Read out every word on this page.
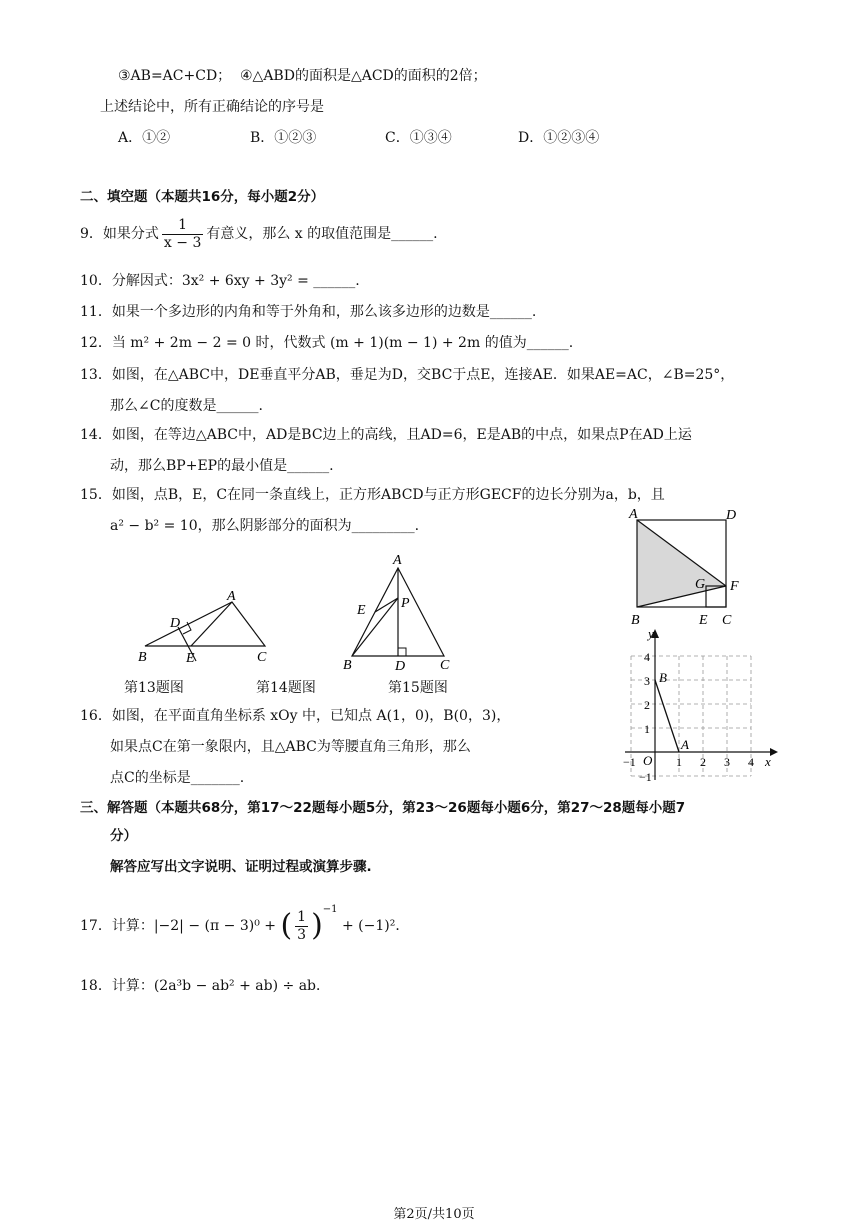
③AB=AC+CD； ④△ABD的面积是△ACD的面积的2倍；
上述结论中，所有正确结论的序号是
A．①②	B．①②③	C．①③④	D．①②③④
二、填空题（本题共16分，每小题2分）
9．如果分式 $\frac{1}{x - 3}$ 有意义，那么 x 的取值范围是______.
10．分解因式：3x² + 6xy + 3y² = ______.
11．如果一个多边形的内角和等于外角和，那么该多边形的边数是______.
12．当 m² + 2m − 2 = 0 时，代数式 (m + 1)(m − 1) + 2m 的值为______.
13．如图，在△ABC中，DE垂直平分AB，垂足为D，交BC于点E，连接AE．如果AE=AC，∠B=25°，
那么∠C的度数是______.
14．如图，在等边△ABC中，AD是BC边上的高线，且AD=6，E是AB的中点，如果点P在AD上运
动，那么BP+EP的最小值是______.
15．如图，点B，E，C在同一条直线上，正方形ABCD与正方形GECF的边长分别为a，b，且
a² − b² = 10，那么阴影部分的面积为_________.
A
B	C
D
E
A
B	C
D
E	P
第13题图	第14题图	第15题图
A	D
B	E C
F
G
y
x
O
A
B
−1	1 2 3 4
4
3
2
1
−1
16．如图，在平面直角坐标系 xOy 中，已知点 A(1，0)，B(0，3)，
如果点C在第一象限内，且△ABC为等腰直角三角形，那么
点C的坐标是_______.
三、解答题（本题共68分，第17～22题每小题5分，第23～26题每小题6分，第27～28题每小题7
分）
解答应写出文字说明、证明过程或演算步骤.
17．计算：|−2| − (π − 3)⁰ + ( $\frac{1}{3} )^{-1} + (-1)^2$．
18．计算：(2a³b − ab² + ab) ÷ ab．
第2页/共10页
